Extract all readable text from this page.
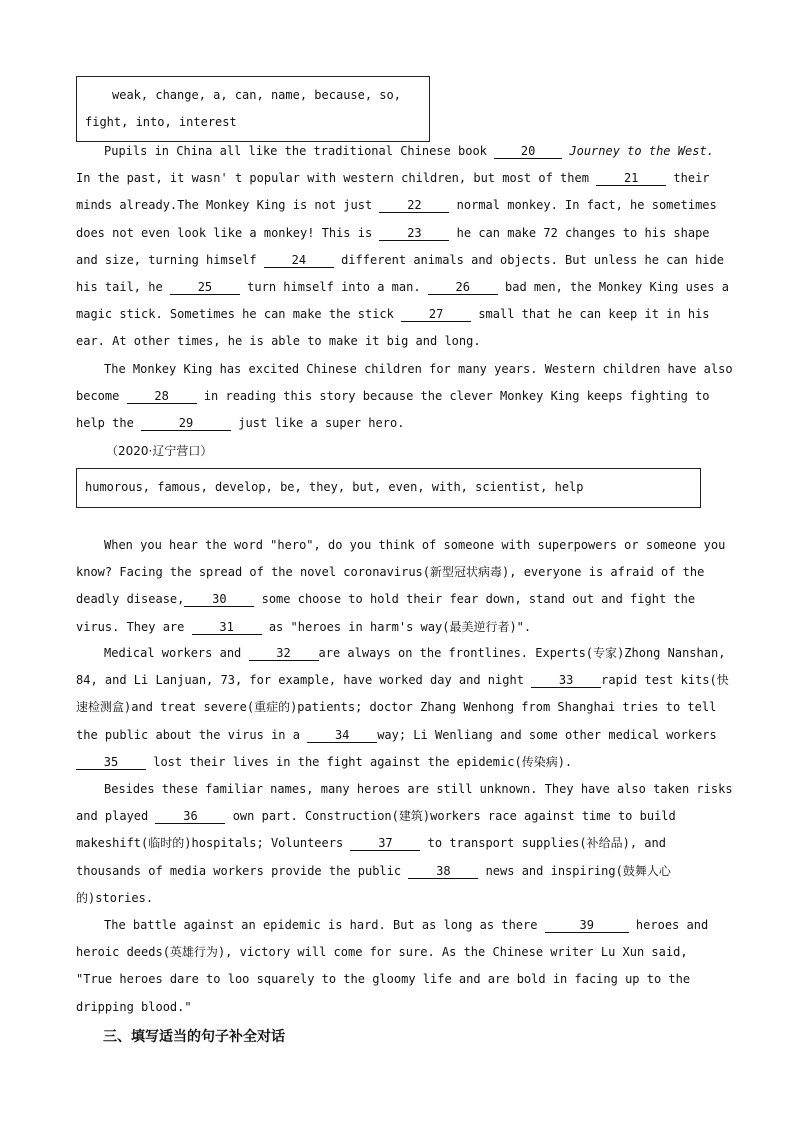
weak, change, a, can, name, because, so,
fight, into, interest
Pupils in China all like the traditional Chinese book 20	Journey to the West.
In the past, it wasn' t popular with western children, but most of them 21 their
minds already.The Monkey King is not just 22 normal monkey. In fact, he sometimes
does not even look like a monkey! This is 23 he can make 72 changes to his shape
and size, turning himself 24 different animals and objects. But unless he can hide
his tail, he 25 turn himself into a man. 26 bad men, the Monkey King uses a
magic stick. Sometimes he can make the stick 27 small that he can keep it in his
ear. At other times, he is able to make it big and long.
The Monkey King has excited Chinese children for many years. Western children have also
become 28 in reading this story because the clever Monkey King keeps fighting to
help the	29	just like a super hero.
（2020·辽宁营口）
humorous, famous, develop, be, they, but, even, with, scientist, help
When you hear the word "hero", do you think of someone with superpowers or someone you
know? Facing the spread of the novel coronavirus(新型冠状病毒), everyone is afraid of the
deadly disease, 30 some choose to hold their fear down, stand out and fight the
virus. They are 31 as "heroes in harm's way(最美逆行者)".
Medical workers and 32 are always on the frontlines. Experts(专家)Zhong Nanshan,
84, and Li Lanjuan, 73, for example, have worked day and night 33 rapid test kits(快
速检测盒)and treat severe(重症的)patients; doctor Zhang Wenhong from Shanghai tries to tell
the public about the virus in a 34 way; Li Wenliang and some other medical workers
35 lost their lives in the fight against the epidemic(传染病).
Besides these familiar names, many heroes are still unknown. They have also taken risks
and played 36 own part. Construction(建筑)workers race against time to build
makeshift(临时的)hospitals; Volunteers 37 to transport supplies(补给品), and
thousands of media workers provide the public 38 news and inspiring(鼓舞人心
的)stories.
The battle against an epidemic is hard. But as long as there	39	heroes and
heroic deeds(英雄行为), victory will come for sure. As the Chinese writer Lu Xun said,
"True heroes dare to loo squarely to the gloomy life and are bold in facing up to the
dripping blood."
三、填写适当的句子补全对话
